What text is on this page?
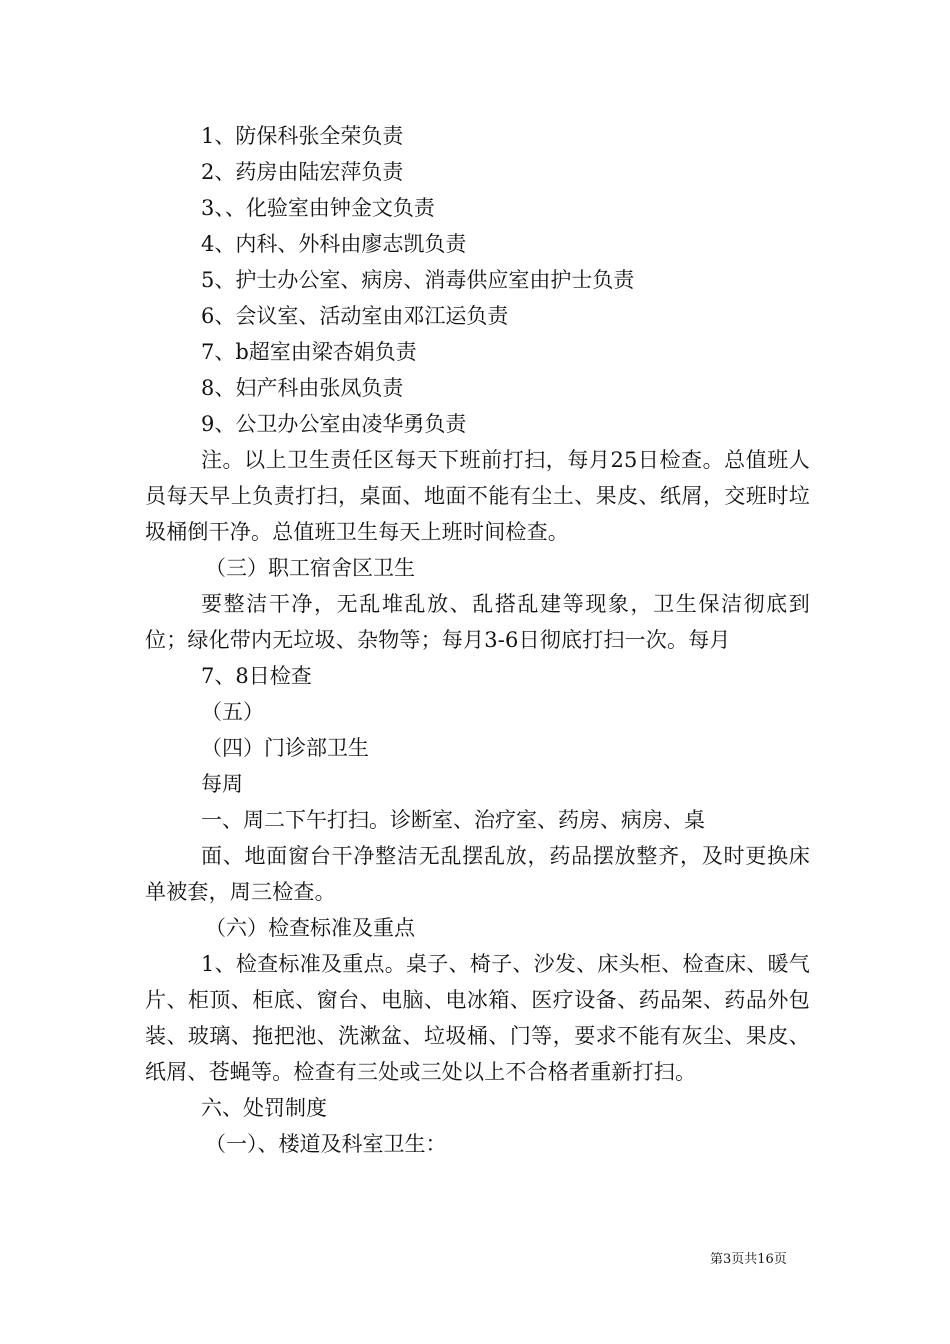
1、防保科张全荣负责
2、药房由陆宏萍负责
3、、化验室由钟金文负责
4、内科、外科由廖志凯负责
5、护士办公室、病房、消毒供应室由护士负责
6、会议室、活动室由邓江运负责
7、b超室由梁杏娟负责
8、妇产科由张凤负责
9、公卫办公室由凌华勇负责
注。以上卫生责任区每天下班前打扫，每月25日检查。总值班人员每天早上负责打扫，桌面、地面不能有尘土、果皮、纸屑，交班时垃圾桶倒干净。总值班卫生每天上班时间检查。
（三）职工宿舍区卫生
要整洁干净，无乱堆乱放、乱搭乱建等现象，卫生保洁彻底到位；绿化带内无垃圾、杂物等；每月3-6日彻底打扫一次。每月
7、8日检查
（五）
（四）门诊部卫生
每周
一、周二下午打扫。诊断室、治疗室、药房、病房、桌
面、地面窗台干净整洁无乱摆乱放，药品摆放整齐，及时更换床单被套，周三检查。
（六）检查标准及重点
1、检查标准及重点。桌子、椅子、沙发、床头柜、检查床、暖气片、柜顶、柜底、窗台、电脑、电冰箱、医疗设备、药品架、药品外包装、玻璃、拖把池、洗漱盆、垃圾桶、门等，要求不能有灰尘、果皮、纸屑、苍蝇等。检查有三处或三处以上不合格者重新打扫。
六、处罚制度
（一）、楼道及科室卫生：
第3页共16页
